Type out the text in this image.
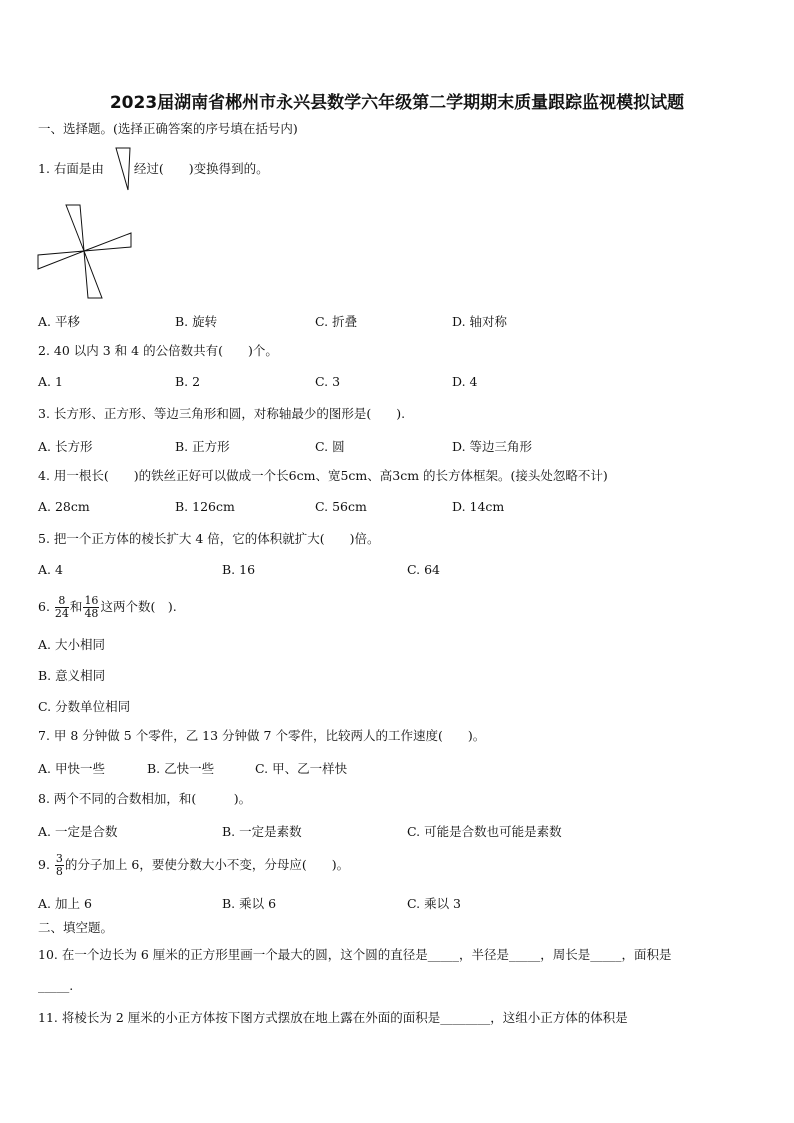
2023届湖南省郴州市永兴县数学六年级第二学期期末质量跟踪监视模拟试题
一、选择题。(选择正确答案的序号填在括号内)
1. 右面是由 经过(　　)变换得到的。
A. 平移	B. 旋转	C. 折叠	D. 轴对称
2. 40 以内 3 和 4 的公倍数共有(　　)个。
A. 1	B. 2	C. 3	D. 4
3. 长方形、正方形、等边三角形和圆，对称轴最少的图形是(　　).
A. 长方形	B. 正方形	C. 圆	D. 等边三角形
4. 用一根长(　　)的铁丝正好可以做成一个长6cm、宽5cm、高3cm 的长方体框架。(接头处忽略不计)
A. 28cm	B. 126cm	C. 56cm	D. 14cm
5. 把一个正方体的棱长扩大 4 倍，它的体积就扩大(　　)倍。
A. 4	B. 16	C. 64
6. $\frac{8}{24}$ 和 $\frac{16}{48}$ 这两个数(　).
A. 大小相同
B. 意义相同
C. 分数单位相同
7. 甲 8 分钟做 5 个零件，乙 13 分钟做 7 个零件，比较两人的工作速度(　　)。
A. 甲快一些	B. 乙快一些	C. 甲、乙一样快
8. 两个不同的合数相加，和(　　　)。
A. 一定是合数	B. 一定是素数	C. 可能是合数也可能是素数
9. $\frac{3}{8}$ 的分子加上 6，要使分数大小不变，分母应(　　)。
A. 加上 6	B. 乘以 6	C. 乘以 3
二、填空题。
10. 在一个边长为 6 厘米的正方形里画一个最大的圆，这个圆的直径是_____，半径是_____，周长是_____，面积是
_____.
11. 将棱长为 2 厘米的小正方体按下图方式摆放在地上露在外面的面积是________，这组小正方体的体积是
